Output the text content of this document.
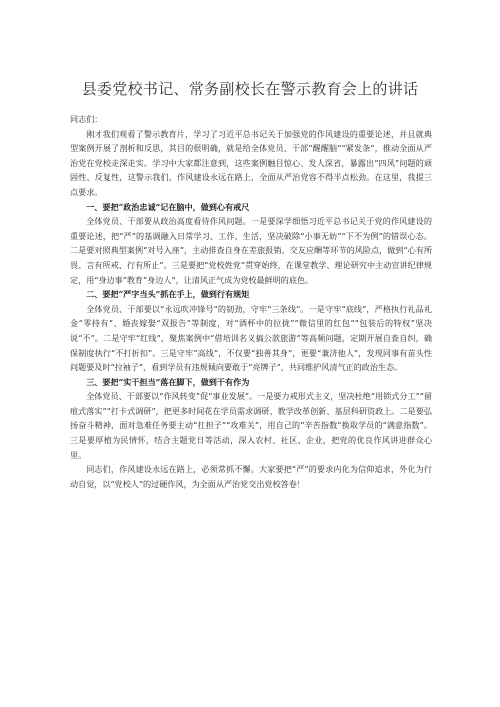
县委党校书记、常务副校长在警示教育会上的讲话

同志们：

刚才我们观看了警示教育片，学习了习近平总书记关于加强党的作风建设的重要论述，并且就典型案例开展了剖析和反思，其目的很明确，就是给全体党员、干部“醒醒脑”“紧发条”，推动全面从严治党在党校走深走实。学习中大家都注意到，这些案例触目惊心、发人深省，暴露出“四风”问题的顽固性、反复性，这警示我们，作风建设永远在路上，全面从严治党容不得半点松劲。在这里，我提三点要求。

一、要把“政治忠诚”记在脑中，做到心有戒尺

全体党员、干部要从政治高度看待作风问题。一是要深学细悟习近平总书记关于党的作风建设的重要论述，把“严”的基调融入日常学习、工作、生活，坚决破除“小事无妨”“下不为例”的错误心态。二是要对照典型案例“对号入座”，主动排查自身在差旅报销、交友应酬等环节的风险点，做到“心有所畏、言有所戒、行有所止”。三是要把“党校姓党”贯穿始终，在课堂教学、理论研究中主动宣讲纪律规定，用“身边事”教育“身边人”，让清风正气成为党校最鲜明的底色。

二、要把“严字当头”抓在手上，做到行有规矩

全体党员、干部要以“永远吹冲锋号”的韧劲，守牢“三条线”。一是守牢“底线”，严格执行礼品礼金“零持有”、婚丧嫁娶“双报告”等制度，对“酒杯中的拉拢”“微信里的红包”“包装后的特权”坚决说“不”。二是守牢“红线”，聚焦案例中“借培训名义搞公款旅游”等高频问题，定期开展自查自纠，确保制度执行“不打折扣”。三是守牢“高线”，不仅要“独善其身”，更要“兼济他人”，发现同事有苗头性问题要及时“拉袖子”，看到学员有违规倾向要敢于“亮牌子”，共同维护风清气正的政治生态。

三、要把“实干担当”落在脚下，做到干有作为

全体党员、干部要以“作风转变”促“事业发展”。一是要力戒形式主义，坚决杜绝“用锁式分工”“留痕式落实”“打卡式调研”，把更多时间花在学员需求调研、教学改革创新、基层科研资政上。二是要弘扬奋斗精神，面对急难任务要主动“扛担子”“攻难关”，用自己的“辛苦指数”换取学员的“满意指数”。三是要厚植为民情怀，结合主题党日等活动，深入农村、社区、企业，把党的优良作风讲进群众心里。

同志们，作风建设永远在路上，必须常抓不懈。大家要把“严”的要求内化为信仰追求，外化为行动自觉，以“党校人”的过硬作风，为全面从严治党交出党校答卷！
